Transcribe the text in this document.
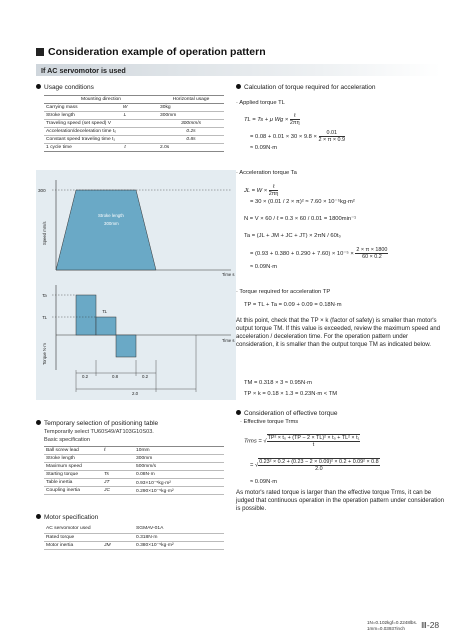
Consideration example of operation pattern
If AC servomotor is used
Usage conditions
Mounting direction		Horizontal usage
Carrying mass	W	30kg
Stroke length	L	300mm
Traveling speed (set speed) V		300mm/s
Acceleration/deceleration time t₀		0.2s
Constant speed traveling time t₁		0.8s
1 cycle time	t	2.0s
300
Speed mm/s
Stroke length
300mm
Time s
Ta
TL
TL
Torque N·m
Time s
0.2	0.8	0.2
2.0
Temporary selection of positioning table
Temporarily select TU60S49/AT103G10S03.
Basic specification
Ball screw lead	ℓ	10mm
Stroke length		300mm
Maximum speed		500mm/s
Starting torque	Ts	0.08N·m
Table inertia	JT	0.93×10⁻⁵kg·m²
Coupling inertia	JC	0.290×10⁻⁵kg·m²
Motor specification
AC servomotor used		SGMAV-01A
Rated torque		0.318N·m
Motor inertia	JM	0.380×10⁻⁵kg·m²
Calculation of torque required for acceleration
· Applied torque TL
TL = Ts + μ $Wg \times \frac{\text{ℓ}}{2\pi\eta}$
= $0.08 + 0.01 \times 30 \times 9.8 \times \frac{0.01}{2 \times \pi \times 0.9}$
≈ 0.09N·m
· Acceleration torque Ta
JL = $W \times \frac{\text{ℓ}}{2\pi\eta}$
= 30 × (0.01 / 2 × π)² ≈ 7.60 × 10⁻⁵kg·m²
N = V × 60 / ℓ = 0.3 × 60 / 0.01 = 1800min⁻¹
Ta = (JL + JM + JC + JT) × 2πN / 60t₀
= $(0.93 + 0.380 + 0.290 + 7.60) \times 10^{-5} \times \frac{2 \times \pi \times 1800}{60 \times 0.2}$
≈ 0.09N·m
· Torque required for acceleration TP
TP = TL + Ta = 0.09 + 0.09 = 0.18N·m
At this point, check that the TP × k (factor of safety) is smaller than motor's output torque TM. If this value is exceeded, review the maximum speed and acceleration / deceleration time. For the operation pattern under consideration, it is smaller than the output torque TM as indicated below.
TM = 0.318 × 3 ≈ 0.95N·m
TP × k = 0.18 × 1.3 = 0.23N·m < TM
Consideration of effective torque
· Effective torque Trms
Trms = √ $\frac{\text{TP² × t₀ + (TP − 2 × TL)² × t₀ + TL² × t₁}}{t}$
= √ $\frac{\text{0.23² × 0.2 + (0.23 − 2 × 0.09)² × 0.2 + 0.09² × 0.8}}{2.0}$
≈ 0.09N·m
As motor's rated torque is larger than the effective torque Trms, it can be judged that continuous operation in the operation pattern under consideration is possible.
1N=0.102kgf=0.2248lbs.
1mm=0.03937inch	Ⅲ-28
